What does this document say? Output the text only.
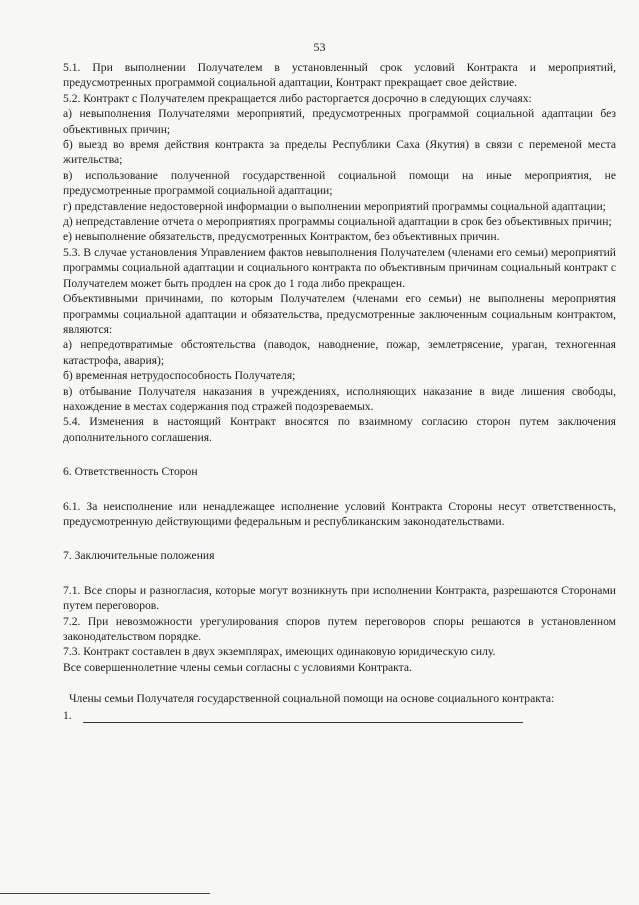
53

5.1. При выполнении Получателем в установленный срок условий Контракта и мероприятий, предусмотренных программой социальной адаптации, Контракт прекращает свое действие.

5.2. Контракт с Получателем прекращается либо расторгается досрочно в следующих случаях:

а) невыполнения Получателями мероприятий, предусмотренных программой социальной адаптации без объективных причин;

б) выезд во время действия контракта за пределы Республики Саха (Якутия) в связи с переменой места жительства;

в) использование полученной государственной социальной помощи на иные мероприятия, не предусмотренные программой социальной адаптации;

г) представление недостоверной информации о выполнении мероприятий программы социальной адаптации;

д) непредставление отчета о мероприятиях программы социальной адаптации в срок без объективных причин;

е) невыполнение обязательств, предусмотренных Контрактом, без объективных причин.

5.3. В случае установления Управлением фактов невыполнения Получателем (членами его семьи) мероприятий программы социальной адаптации и социального контракта по объективным причинам социальный контракт с Получателем может быть продлен на срок до 1 года либо прекращен.

Объективными причинами, по которым Получателем (членами его семьи) не выполнены мероприятия программы социальной адаптации и обязательства, предусмотренные заключенным социальным контрактом, являются:

а) непредотвратимые обстоятельства (паводок, наводнение, пожар, землетрясение, ураган, техногенная катастрофа, авария);

б) временная нетрудоспособность Получателя;

в) отбывание Получателя наказания в учреждениях, исполняющих наказание в виде лишения свободы, нахождение в местах содержания под стражей подозреваемых.

5.4. Изменения в настоящий Контракт вносятся по взаимному согласию сторон путем заключения дополнительного соглашения.

6. Ответственность Сторон

6.1. За неисполнение или ненадлежащее исполнение условий Контракта Стороны несут ответственность, предусмотренную действующими федеральным и республиканским законодательствами.

7. Заключительные положения

7.1. Все споры и разногласия, которые могут возникнуть при исполнении Контракта, разрешаются Сторонами путем переговоров.

7.2. При невозможности урегулирования споров путем переговоров споры решаются в установленном законодательством порядке.

7.3. Контракт составлен в двух экземплярах, имеющих одинаковую юридическую силу.

Все совершеннолетние члены семьи согласны с условиями Контракта.

Члены семьи Получателя государственной социальной помощи на основе социального контракта:

1.
